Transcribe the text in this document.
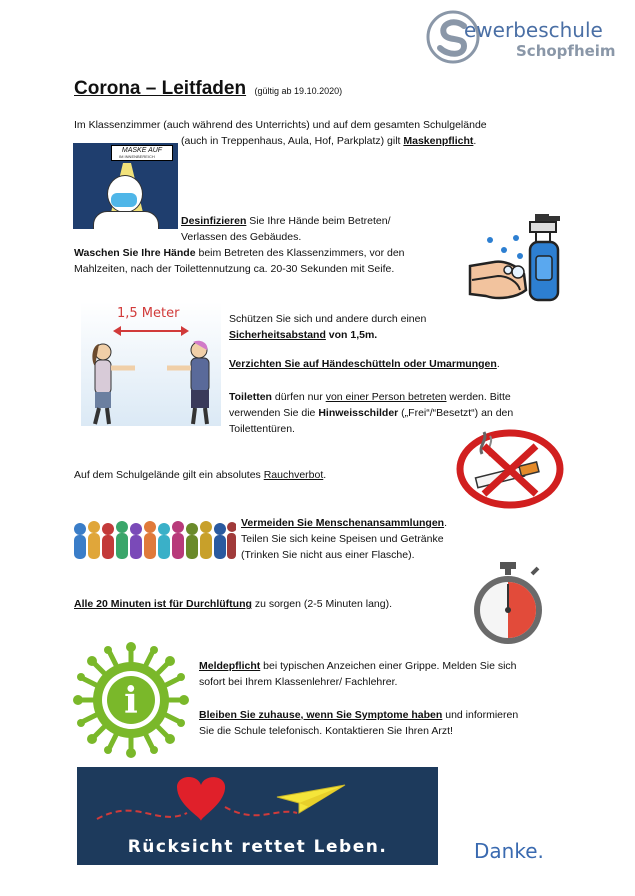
ewerbeschule
Schopfheim
Corona – Leitfaden (gültig ab 19.10.2020)
Im Klassenzimmer (auch während des Unterrichts) und auf dem gesamten Schulgelände
(auch in Treppenhaus, Aula, Hof, Parkplatz) gilt Maskenpflicht.
MASKE AUF
IM INNENBEREICH
Desinfizieren Sie Ihre Hände beim Betreten/
Verlassen des Gebäudes.
Waschen Sie Ihre Hände beim Betreten des Klassenzimmers, vor den
Mahlzeiten, nach der Toilettennutzung ca. 20-30 Sekunden mit Seife.
1,5 Meter	Schützen Sie sich und andere durch einen
Sicherheitsabstand von 1,5m.
Verzichten Sie auf Händeschütteln oder Umarmungen.
Toiletten dürfen nur von einer Person betreten werden. Bitte
verwenden Sie die Hinweisschilder („Frei“/“Besetzt“) an den
Toilettentüren.
Auf dem Schulgelände gilt ein absolutes Rauchverbot.
Vermeiden Sie Menschenansammlungen.
Teilen Sie sich keine Speisen und Getränke
(Trinken Sie nicht aus einer Flasche).
Alle 20 Minuten ist für Durchlüftung zu sorgen (2-5 Minuten lang).
i
Meldepflicht bei typischen Anzeichen einer Grippe. Melden Sie sich
sofort bei Ihrem Klassenlehrer/ Fachlehrer.
Bleiben Sie zuhause, wenn Sie Symptome haben und informieren
Sie die Schule telefonisch. Kontaktieren Sie Ihren Arzt!
Rücksicht rettet Leben.	Danke.
